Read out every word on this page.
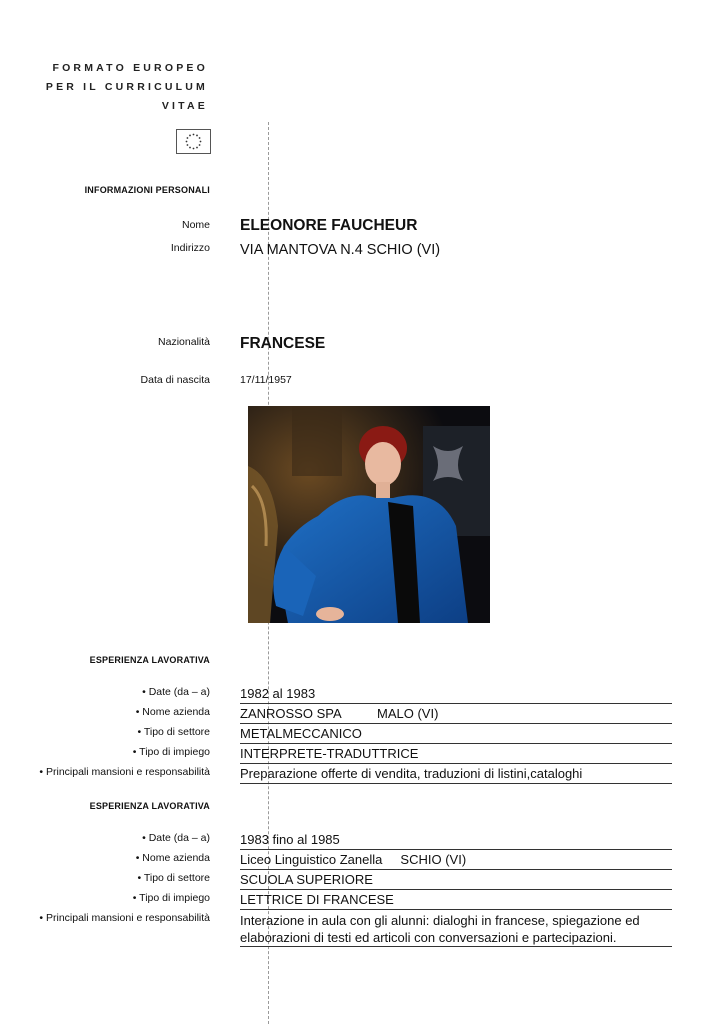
FORMATO EUROPEO
PER IL CURRICULUM
VITAE
INFORMAZIONI PERSONALI
Nome ELEONORE FAUCHEUR
Indirizzo VIA MANTOVA N.4 SCHIO (VI)
Nazionalità FRANCESE
Data di nascita	17/11/1957
ESPERIENZA LAVORATIVA
• Date (da – a) 1982 al 1983
• Nome azienda ZANROSSO SPA          MALO (VI)
• Tipo di settore METALMECCANICO
• Tipo di impiego INTERPRETE-TRADUTTRICE
• Principali mansioni e responsabilità Preparazione offerte di vendita, traduzioni di listini,cataloghi
ESPERIENZA LAVORATIVA
• Date (da – a) 1983 fino al 1985
• Nome azienda Liceo Linguistico Zanella     SCHIO (VI)
• Tipo di settore SCUOLA SUPERIORE
• Tipo di impiego LETTRICE DI FRANCESE
• Principali mansioni e responsabilità Interazione in aula con gli alunni: dialoghi in francese, spiegazione ed elaborazioni di testi ed articoli con conversazioni e partecipazioni.
